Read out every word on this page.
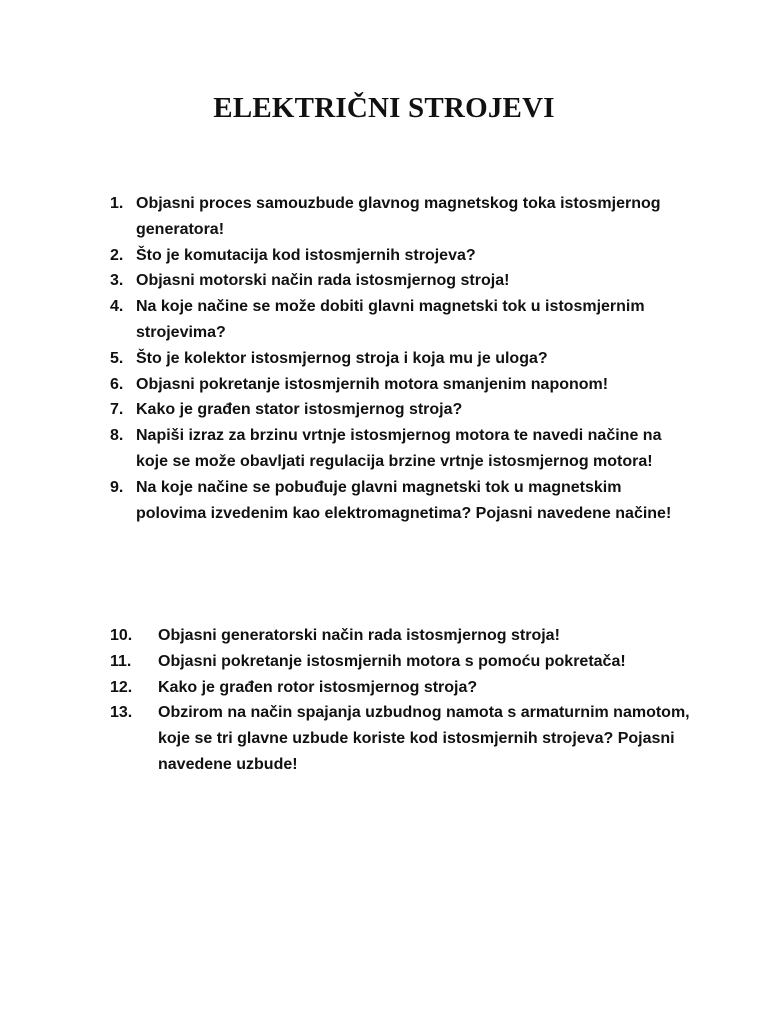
ELEKTRIČNI STROJEVI
1. Objasni proces samouzbude glavnog magnetskog toka istosmjernog generatora!
2. Što je komutacija kod istosmjernih strojeva?
3. Objasni motorski način rada istosmjernog stroja!
4. Na koje načine se može dobiti glavni magnetski tok u istosmjernim strojevima?
5. Što je kolektor istosmjernog stroja i koja mu je uloga?
6. Objasni pokretanje istosmjernih motora smanjenim naponom!
7. Kako je građen stator istosmjernog stroja?
8. Napiši izraz za brzinu vrtnje istosmjernog motora te navedi načine na koje se može obavljati regulacija brzine vrtnje istosmjernog motora!
9. Na koje načine se pobuđuje glavni magnetski tok u magnetskim polovima izvedenim kao elektromagnetima? Pojasni navedene načine!
10.	Objasni generatorski način rada istosmjernog stroja!
11.	Objasni pokretanje istosmjernih motora s pomoću pokretača!
12.	Kako je građen rotor istosmjernog stroja?
13.	Obzirom na način spajanja uzbudnog namota s armaturnim namotom, koje se tri glavne uzbude koriste kod istosmjernih strojeva? Pojasni navedene uzbude!
